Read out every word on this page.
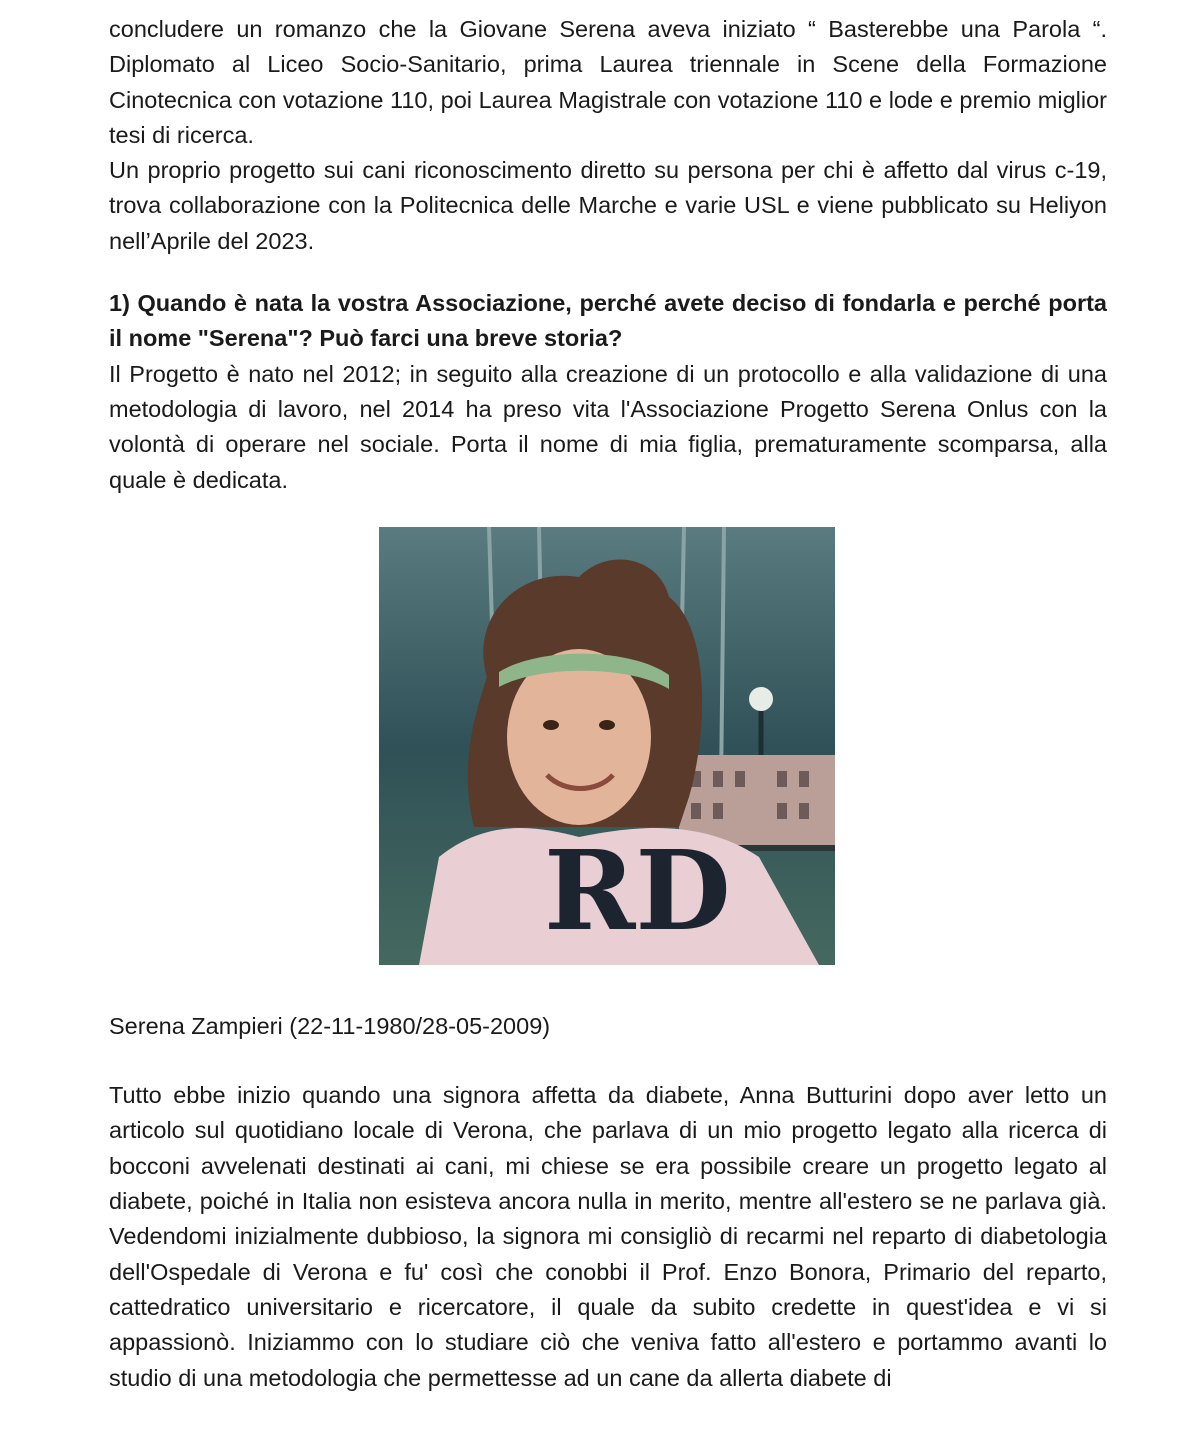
concludere un romanzo che la Giovane Serena aveva iniziato “ Basterebbe una Parola “. Diplomato al Liceo Socio-Sanitario, prima Laurea triennale in Scene della Formazione Cinotecnica con votazione 110, poi Laurea Magistrale con votazione 110 e lode e premio miglior tesi di ricerca.

Un proprio progetto sui cani riconoscimento diretto su persona per chi è affetto dal virus c-19, trova collaborazione con la Politecnica delle Marche e varie USL e viene pubblicato su Heliyon nell’Aprile del 2023.

1) Quando è nata la vostra Associazione, perché avete deciso di fondarla e perché porta il nome "Serena"? Può farci una breve storia?

Il Progetto è nato nel 2012; in seguito alla creazione di un protocollo e alla validazione di una metodologia di lavoro, nel 2014 ha preso vita l'Associazione Progetto Serena Onlus con la volontà di operare nel sociale. Porta il nome di mia figlia, prematuramente scomparsa, alla quale è dedicata.

RD

Serena Zampieri (22-11-1980/28-05-2009)

Tutto ebbe inizio quando una signora affetta da diabete, Anna Butturini dopo aver letto un articolo sul quotidiano locale di Verona, che parlava di un mio progetto legato alla ricerca di bocconi avvelenati destinati ai cani, mi chiese se era possibile creare un progetto legato al diabete, poiché in Italia non esisteva ancora nulla in merito, mentre all'estero se ne parlava già. Vedendomi inizialmente dubbioso, la signora mi consigliò di recarmi nel reparto di diabetologia dell'Ospedale di Verona e fu' così che conobbi il Prof. Enzo Bonora, Primario del reparto, cattedratico universitario e ricercatore, il quale da subito credette in quest'idea e vi si appassionò. Iniziammo con lo studiare ciò che veniva fatto all'estero e portammo avanti lo studio di una metodologia che permettesse ad un cane da allerta diabete di
